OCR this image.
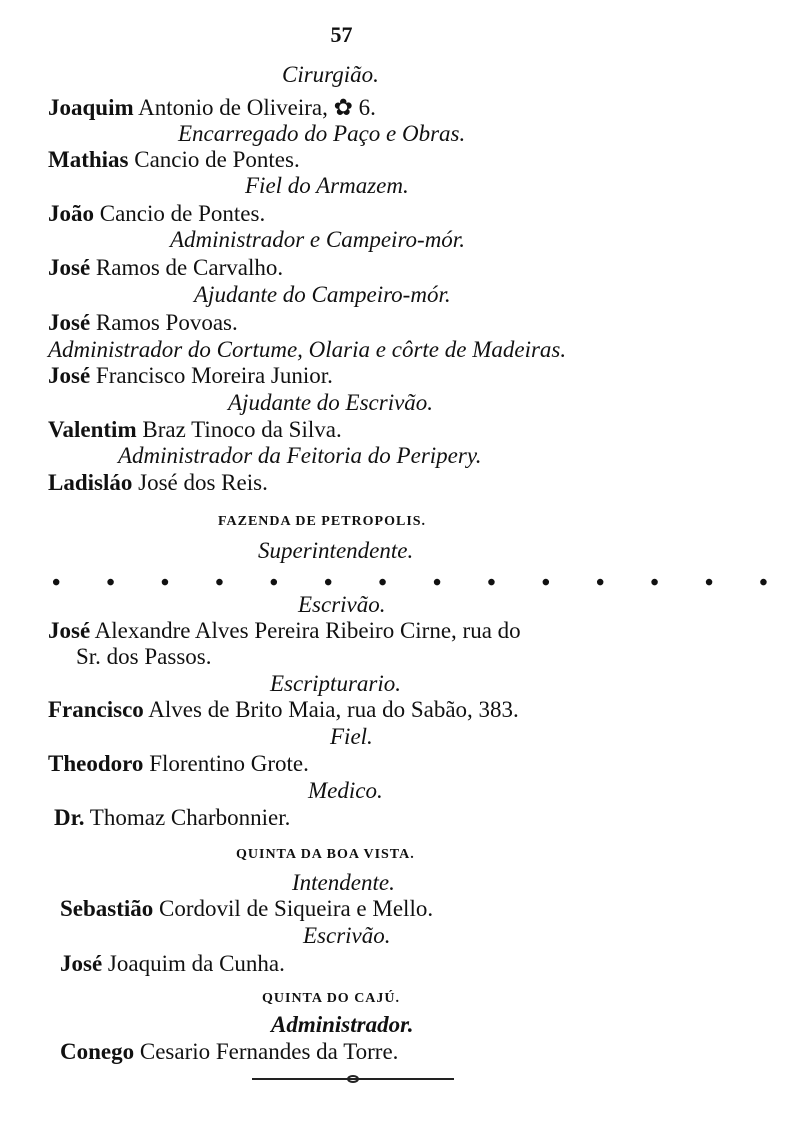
57
Cirurgião.
Joaquim Antonio de Oliveira, ✿ 6.
Encarregado do Paço e Obras.
Mathias Cancio de Pontes.
Fiel do Armazem.
João Cancio de Pontes.
Administrador e Campeiro-mór.
José Ramos de Carvalho.
Ajudante do Campeiro-mór.
José Ramos Povoas.
Administrador do Cortume, Olaria e côrte de Madeiras.
José Francisco Moreira Junior.
Ajudante do Escrivão.
Valentim Braz Tinoco da Silva.
Administrador da Feitoria do Peripery.
Ladisláo José dos Reis.
FAZENDA DE PETROPOLIS.
Superintendente.
• • • • • • • • • • • • • •
Escrivão.
José Alexandre Alves Pereira Ribeiro Cirne, rua do
Sr. dos Passos.
Escripturario.
Francisco Alves de Brito Maia, rua do Sabão, 383.
Fiel.
Theodoro Florentino Grote.
Medico.
Dr. Thomaz Charbonnier.
QUINTA DA BOA VISTA.
Intendente.
Sebastião Cordovil de Siqueira e Mello.
Escrivão.
José Joaquim da Cunha.
QUINTA DO CAJÚ.
Administrador.
Conego Cesario Fernandes da Torre.
